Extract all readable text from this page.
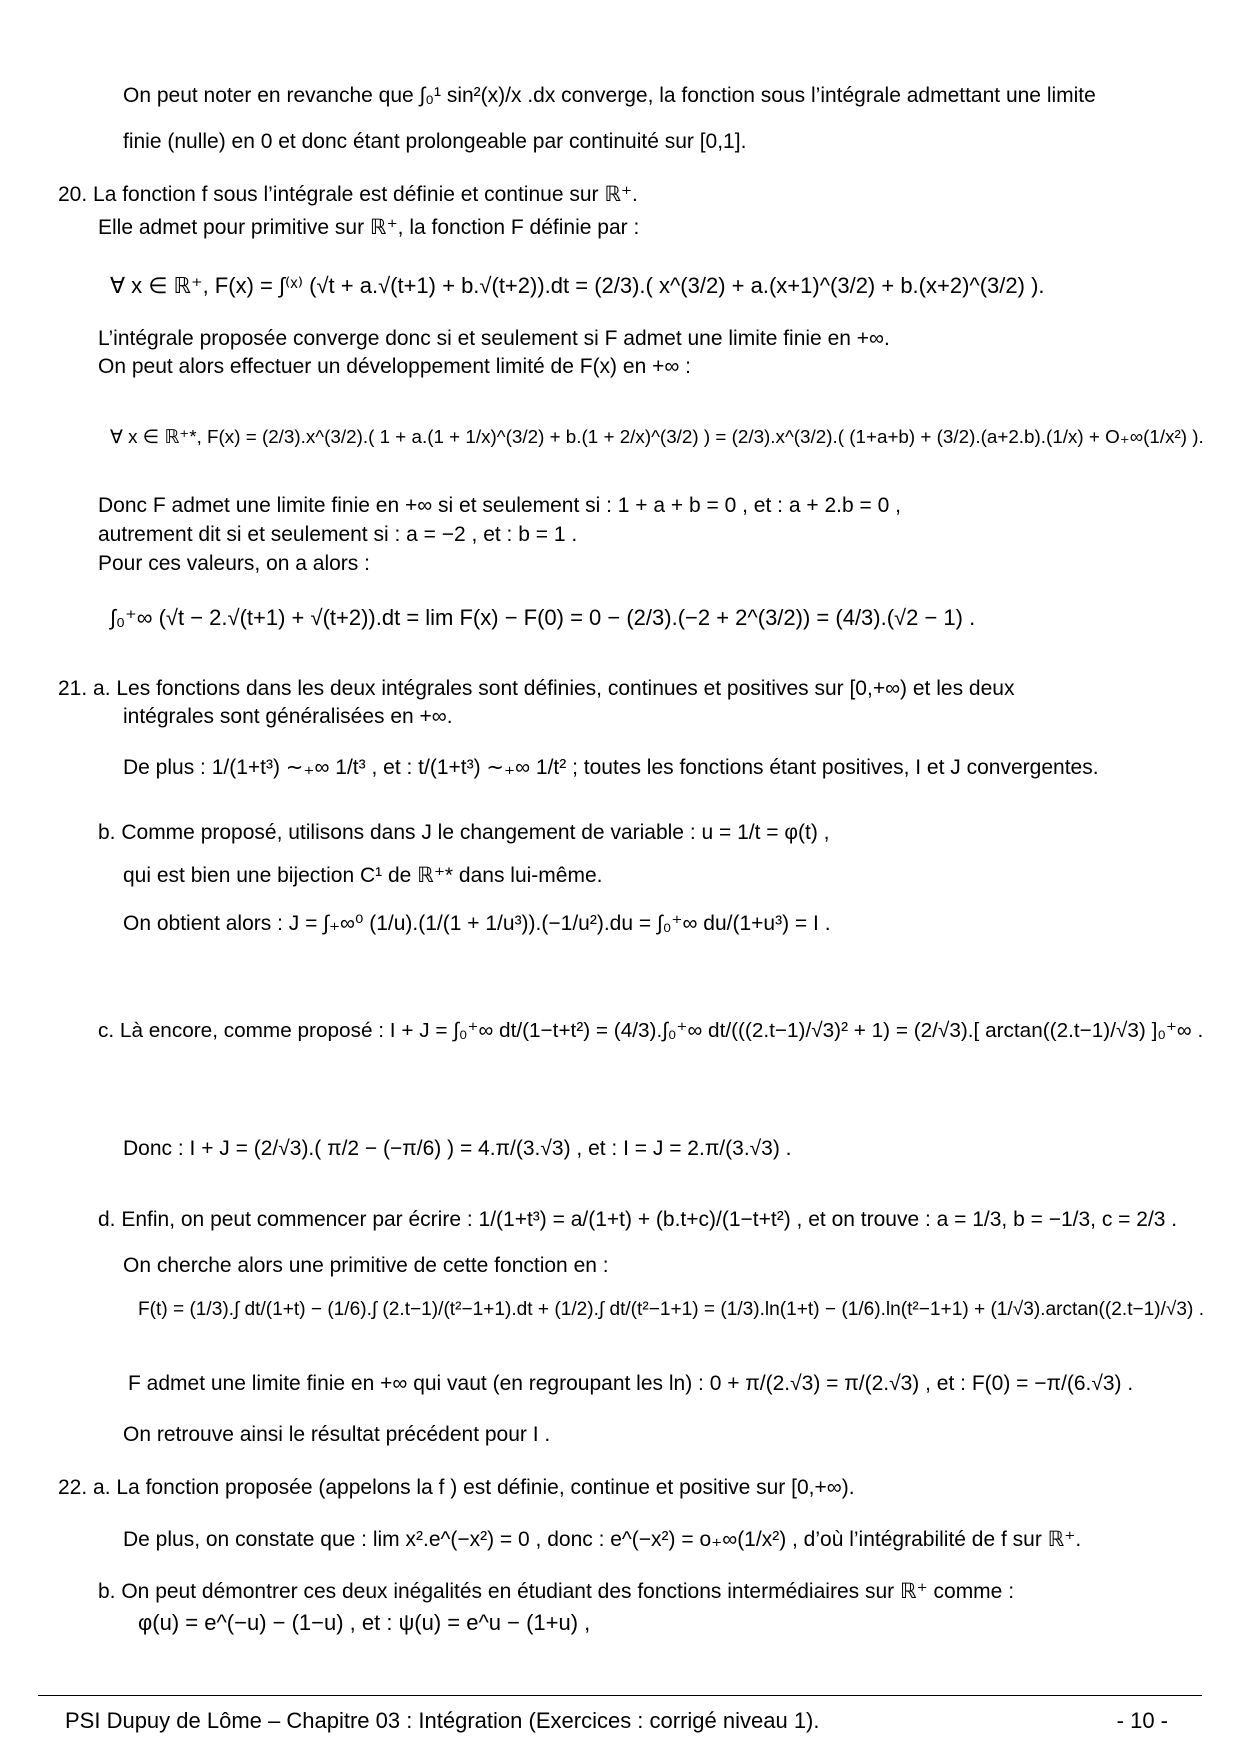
On peut noter en revanche que ∫₀¹ sin²(x)/x .dx converge, la fonction sous l’intégrale admettant une limite
finie (nulle) en 0 et donc étant prolongeable par continuité sur [0,1].
20. La fonction f sous l’intégrale est définie et continue sur ℝ⁺.
Elle admet pour primitive sur ℝ⁺, la fonction F définie par :
∀ x ∈ ℝ⁺, F(x) = ∫⁽ˣ⁾ (√t + a.√(t+1) + b.√(t+2)).dt = (2/3).( x^(3/2) + a.(x+1)^(3/2) + b.(x+2)^(3/2) ).
L’intégrale proposée converge donc si et seulement si F admet une limite finie en +∞.
On peut alors effectuer un développement limité de F(x) en +∞ :
∀ x ∈ ℝ⁺*, F(x) = (2/3).x^(3/2).( 1 + a.(1 + 1/x)^(3/2) + b.(1 + 2/x)^(3/2) ) = (2/3).x^(3/2).( (1+a+b) + (3/2).(a+2.b).(1/x) + O₊∞(1/x²) ).
Donc F admet une limite finie en +∞ si et seulement si : 1 + a + b = 0 , et : a + 2.b = 0 ,
autrement dit si et seulement si : a = −2 , et : b = 1 .
Pour ces valeurs, on a alors :
∫₀⁺∞ (√t − 2.√(t+1) + √(t+2)).dt = lim F(x) − F(0) = 0 − (2/3).(−2 + 2^(3/2)) = (4/3).(√2 − 1) .
21. a. Les fonctions dans les deux intégrales sont définies, continues et positives sur [0,+∞) et les deux
intégrales sont généralisées en +∞.
De plus : 1/(1+t³) ∼₊∞ 1/t³ , et : t/(1+t³) ∼₊∞ 1/t² ; toutes les fonctions étant positives, I et J convergentes.
b. Comme proposé, utilisons dans J le changement de variable : u = 1/t = φ(t) ,
qui est bien une bijection C¹ de ℝ⁺* dans lui-même.
On obtient alors : J = ∫₊∞⁰ (1/u).(1/(1 + 1/u³)).(−1/u²).du = ∫₀⁺∞ du/(1+u³) = I .
c. Là encore, comme proposé : I + J = ∫₀⁺∞ dt/(1−t+t²) = (4/3).∫₀⁺∞ dt/(((2.t−1)/√3)² + 1) = (2/√3).[ arctan((2.t−1)/√3) ]₀⁺∞ .
Donc : I + J = (2/√3).( π/2 − (−π/6) ) = 4.π/(3.√3) , et : I = J = 2.π/(3.√3) .
d. Enfin, on peut commencer par écrire : 1/(1+t³) = a/(1+t) + (b.t+c)/(1−t+t²) , et on trouve : a = 1/3, b = −1/3, c = 2/3 .
On cherche alors une primitive de cette fonction en :
F(t) = (1/3).∫ dt/(1+t) − (1/6).∫ (2.t−1)/(t²−1+1).dt + (1/2).∫ dt/(t²−1+1) = (1/3).ln(1+t) − (1/6).ln(t²−1+1) + (1/√3).arctan((2.t−1)/√3) .
F admet une limite finie en +∞ qui vaut (en regroupant les ln) : 0 + π/(2.√3) = π/(2.√3) , et : F(0) = −π/(6.√3) .
On retrouve ainsi le résultat précédent pour I .
22. a. La fonction proposée (appelons la f ) est définie, continue et positive sur [0,+∞).
De plus, on constate que : lim x².e^(−x²) = 0 , donc : e^(−x²) = o₊∞(1/x²) , d’où l’intégrabilité de f sur ℝ⁺.
b. On peut démontrer ces deux inégalités en étudiant des fonctions intermédiaires sur ℝ⁺ comme :
φ(u) = e^(−u) − (1−u) , et : ψ(u) = e^u − (1+u) ,
PSI Dupuy de Lôme – Chapitre 03 : Intégration (Exercices : corrigé niveau 1).	- 10 -
